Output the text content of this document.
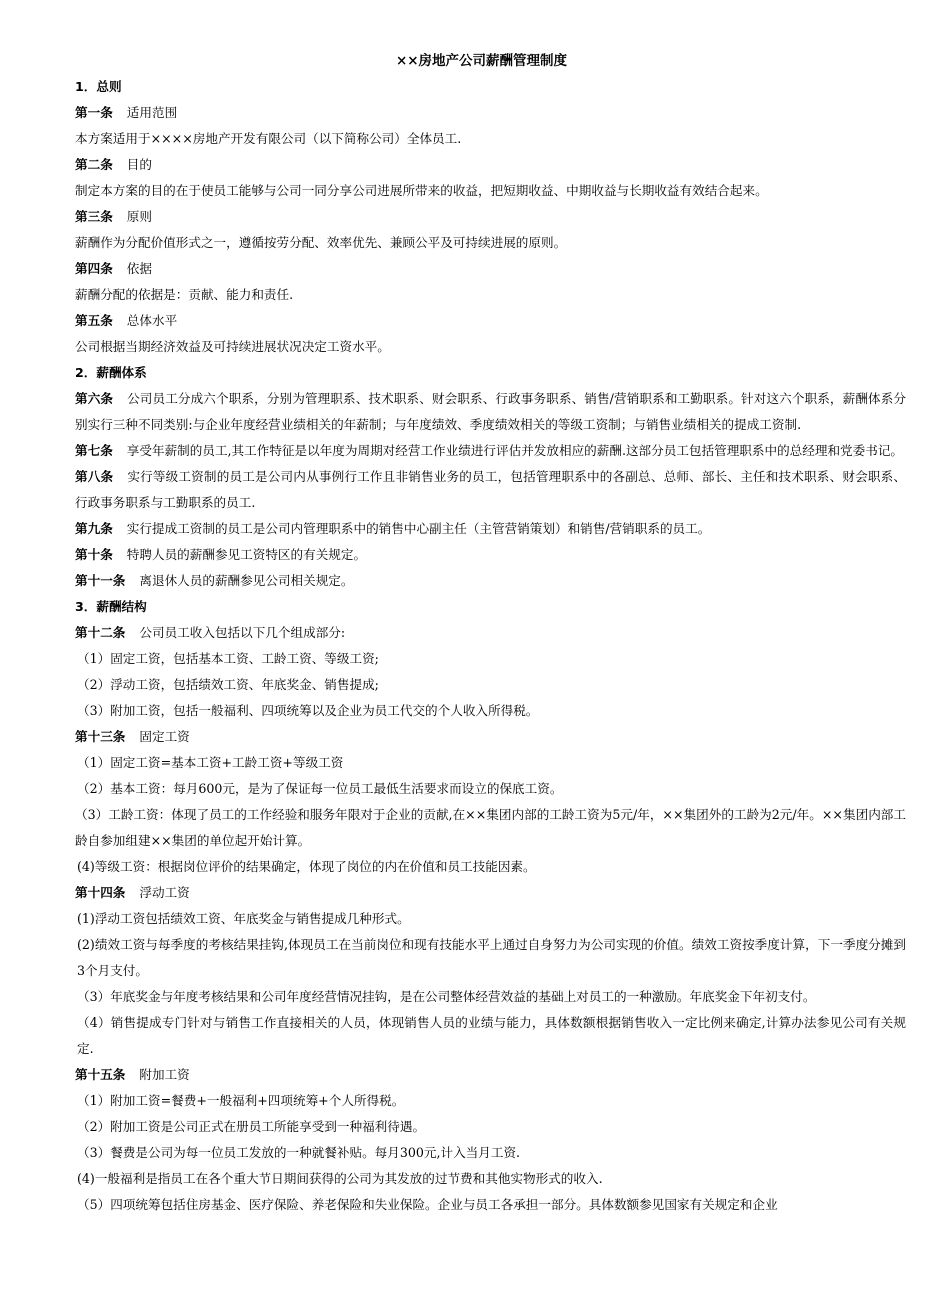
××房地产公司薪酬管理制度
1．总则
第一条 适用范围
本方案适用于××××房地产开发有限公司（以下简称公司）全体员工.
第二条 目的
制定本方案的目的在于使员工能够与公司一同分享公司进展所带来的收益，把短期收益、中期收益与长期收益有效结合起来。
第三条 原则
薪酬作为分配价值形式之一，遵循按劳分配、效率优先、兼顾公平及可持续进展的原则。
第四条 依据
薪酬分配的依据是：贡献、能力和责任.
第五条 总体水平
公司根据当期经济效益及可持续进展状况决定工资水平。
2．薪酬体系
第六条 公司员工分成六个职系，分别为管理职系、技术职系、财会职系、行政事务职系、销售/营销职系和工勤职系。针对这六个职系，薪酬体系分别实行三种不同类别:与企业年度经营业绩相关的年薪制；与年度绩效、季度绩效相关的等级工资制；与销售业绩相关的提成工资制.
第七条 享受年薪制的员工,其工作特征是以年度为周期对经营工作业绩进行评估并发放相应的薪酬.这部分员工包括管理职系中的总经理和党委书记。
第八条 实行等级工资制的员工是公司内从事例行工作且非销售业务的员工，包括管理职系中的各副总、总师、部长、主任和技术职系、财会职系、行政事务职系与工勤职系的员工.
第九条 实行提成工资制的员工是公司内管理职系中的销售中心副主任（主管营销策划）和销售/营销职系的员工。
第十条 特聘人员的薪酬参见工资特区的有关规定。
第十一条 离退休人员的薪酬参见公司相关规定。
3．薪酬结构
第十二条 公司员工收入包括以下几个组成部分:
（1）固定工资，包括基本工资、工龄工资、等级工资;
（2）浮动工资，包括绩效工资、年底奖金、销售提成;
（3）附加工资，包括一般福利、四项统筹以及企业为员工代交的个人收入所得税。
第十三条 固定工资
（1）固定工资=基本工资+工龄工资+等级工资
（2）基本工资：每月600元，是为了保证每一位员工最低生活要求而设立的保底工资。
（3）工龄工资：体现了员工的工作经验和服务年限对于企业的贡献,在××集团内部的工龄工资为5元/年，××集团外的工龄为2元/年。××集团内部工龄自参加组建××集团的单位起开始计算。
(4)等级工资：根据岗位评价的结果确定，体现了岗位的内在价值和员工技能因素。
第十四条 浮动工资
(1)浮动工资包括绩效工资、年底奖金与销售提成几种形式。
(2)绩效工资与每季度的考核结果挂钩,体现员工在当前岗位和现有技能水平上通过自身努力为公司实现的价值。绩效工资按季度计算，下一季度分摊到3个月支付。
（3）年底奖金与年度考核结果和公司年度经营情况挂钩，是在公司整体经营效益的基础上对员工的一种激励。年底奖金下年初支付。
（4）销售提成专门针对与销售工作直接相关的人员，体现销售人员的业绩与能力，具体数额根据销售收入一定比例来确定,计算办法参见公司有关规定.
第十五条 附加工资
（1）附加工资=餐费+一般福利+四项统筹+个人所得税。
（2）附加工资是公司正式在册员工所能享受到一种福利待遇。
（3）餐费是公司为每一位员工发放的一种就餐补贴。每月300元,计入当月工资.
(4)一般福利是指员工在各个重大节日期间获得的公司为其发放的过节费和其他实物形式的收入.
（5）四项统筹包括住房基金、医疗保险、养老保险和失业保险。企业与员工各承担一部分。具体数额参见国家有关规定和企业
